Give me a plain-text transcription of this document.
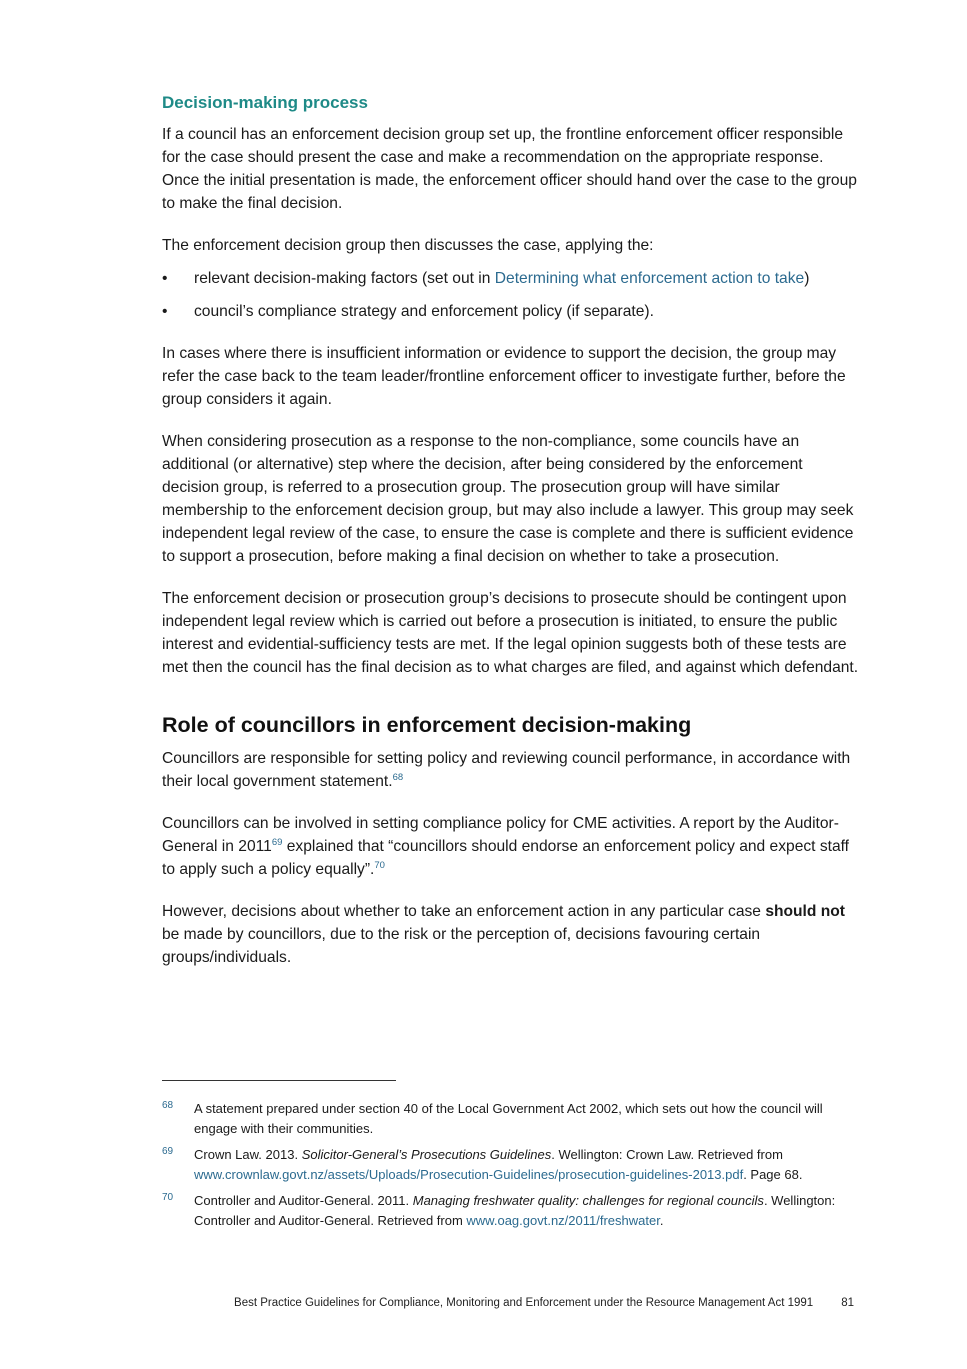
Decision-making process

If a council has an enforcement decision group set up, the frontline enforcement officer responsible for the case should present the case and make a recommendation on the appropriate response. Once the initial presentation is made, the enforcement officer should hand over the case to the group to make the final decision.

The enforcement decision group then discusses the case, applying the:

• relevant decision-making factors (set out in Determining what enforcement action to take)
• council’s compliance strategy and enforcement policy (if separate).

In cases where there is insufficient information or evidence to support the decision, the group may refer the case back to the team leader/frontline enforcement officer to investigate further, before the group considers it again.

When considering prosecution as a response to the non-compliance, some councils have an additional (or alternative) step where the decision, after being considered by the enforcement decision group, is referred to a prosecution group. The prosecution group will have similar membership to the enforcement decision group, but may also include a lawyer. This group may seek independent legal review of the case, to ensure the case is complete and there is sufficient evidence to support a prosecution, before making a final decision on whether to take a prosecution.

The enforcement decision or prosecution group’s decisions to prosecute should be contingent upon independent legal review which is carried out before a prosecution is initiated, to ensure the public interest and evidential-sufficiency tests are met. If the legal opinion suggests both of these tests are met then the council has the final decision as to what charges are filed, and against which defendant.

Role of councillors in enforcement decision-making

Councillors are responsible for setting policy and reviewing council performance, in accordance with their local government statement.$^{68}$

Councillors can be involved in setting compliance policy for CME activities. A report by the Auditor-General in 2011$^{69}$ explained that “councillors should endorse an enforcement policy and expect staff to apply such a policy equally”.$^{70}$

However, decisions about whether to take an enforcement action in any particular case should not be made by councillors, due to the risk or the perception of, decisions favouring certain groups/individuals.

68 A statement prepared under section 40 of the Local Government Act 2002, which sets out how the council will engage with their communities.
69 Crown Law. 2013. Solicitor-General’s Prosecutions Guidelines. Wellington: Crown Law. Retrieved from www.crownlaw.govt.nz/assets/Uploads/Prosecution-Guidelines/prosecution-guidelines-2013.pdf. Page 68.
70 Controller and Auditor-General. 2011. Managing freshwater quality: challenges for regional councils. Wellington: Controller and Auditor-General. Retrieved from www.oag.govt.nz/2011/freshwater.
Best Practice Guidelines for Compliance, Monitoring and Enforcement under the Resource Management Act 1991 81
